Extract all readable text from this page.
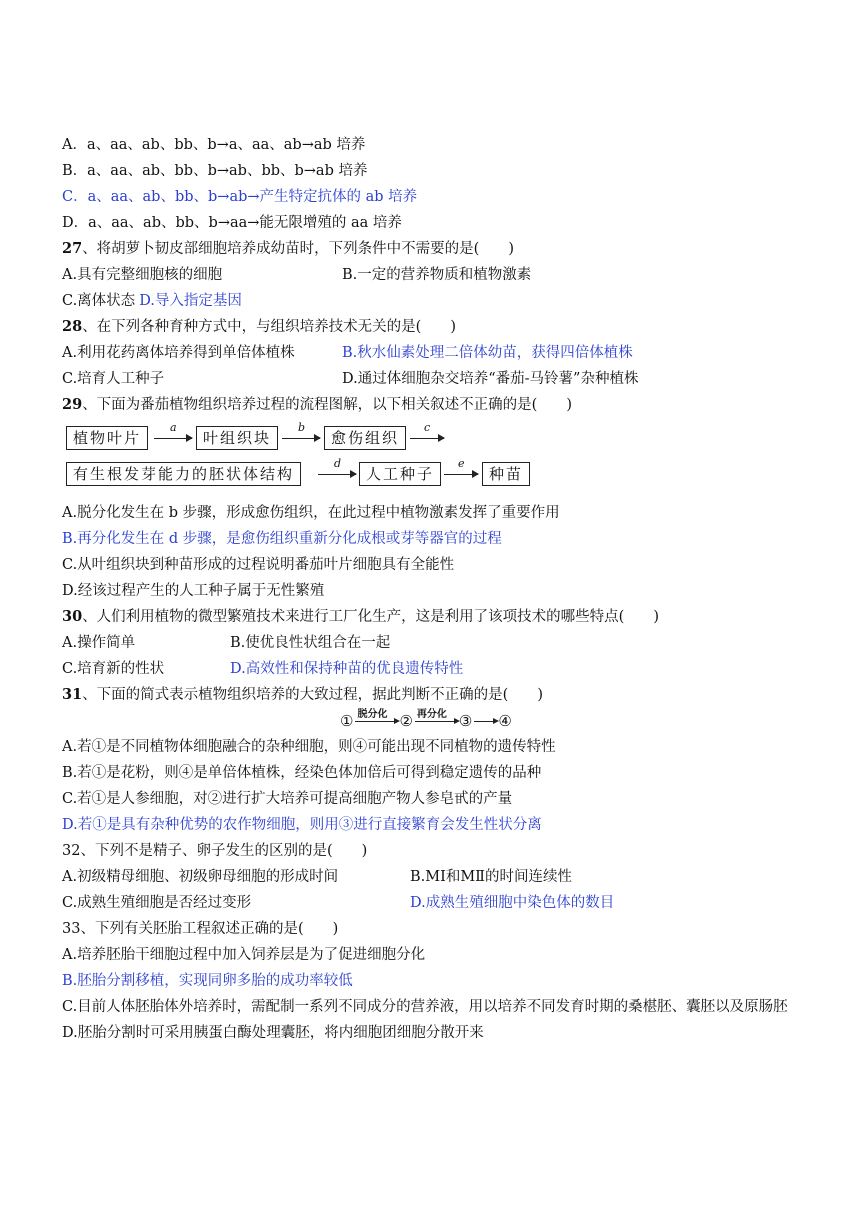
A．a、aa、ab、bb、b→a、aa、ab→ab 培养
B．a、aa、ab、bb、b→ab、bb、b→ab 培养
C．a、aa、ab、bb、b→ab→产生特定抗体的 ab 培养
D．a、aa、ab、bb、b→aa→能无限增殖的 aa 培养
27、将胡萝卜韧皮部细胞培养成幼苗时，下列条件中不需要的是(　　)
A.具有完整细胞核的细胞	B.一定的营养物质和植物激素
C.离体状态 D.导入指定基因
28、在下列各种育种方式中，与组织培养技术无关的是(　　)
A.利用花药离体培养得到单倍体植株	B.秋水仙素处理二倍体幼苗，获得四倍体植株
C.培育人工种子	D.通过体细胞杂交培养“番茄-马铃薯”杂种植株
29、下面为番茄植物组织培养过程的流程图解，以下相关叙述不正确的是(　　)
植物叶片
a
叶组织块
b
愈伤组织
c
有生根发芽能力的胚状体结构
d
人工种子
e
种苗
A.脱分化发生在 b 步骤，形成愈伤组织，在此过程中植物激素发挥了重要作用
B.再分化发生在 d 步骤，是愈伤组织重新分化成根或芽等器官的过程
C.从叶组织块到种苗形成的过程说明番茄叶片细胞具有全能性
D.经该过程产生的人工种子属于无性繁殖
30、人们利用植物的微型繁殖技术来进行工厂化生产，这是利用了该项技术的哪些特点(　　)
A.操作简单	B.使优良性状组合在一起
C.培育新的性状	D.高效性和保持种苗的优良遗传特性
31、下面的简式表示植物组织培养的大致过程，据此判断不正确的是(　　)
① 脱分化 ② 再分化 ③ ④
A.若①是不同植物体细胞融合的杂种细胞，则④可能出现不同植物的遗传特性
B.若①是花粉，则④是单倍体植株，经染色体加倍后可得到稳定遗传的品种
C.若①是人参细胞，对②进行扩大培养可提高细胞产物人参皂甙的产量
D.若①是具有杂种优势的农作物细胞，则用③进行直接繁育会发生性状分离
32、下列不是精子、卵子发生的区别的是(　　)
A.初级精母细胞、初级卵母细胞的形成时间	B.MⅠ和MⅡ的时间连续性
C.成熟生殖细胞是否经过变形	D.成熟生殖细胞中染色体的数目
33、下列有关胚胎工程叙述正确的是(　　)
A.培养胚胎干细胞过程中加入饲养层是为了促进细胞分化
B.胚胎分割移植，实现同卵多胎的成功率较低
C.目前人体胚胎体外培养时，需配制一系列不同成分的营养液，用以培养不同发育时期的桑椹胚、囊胚以及原肠胚
D.胚胎分割时可采用胰蛋白酶处理囊胚，将内细胞团细胞分散开来
